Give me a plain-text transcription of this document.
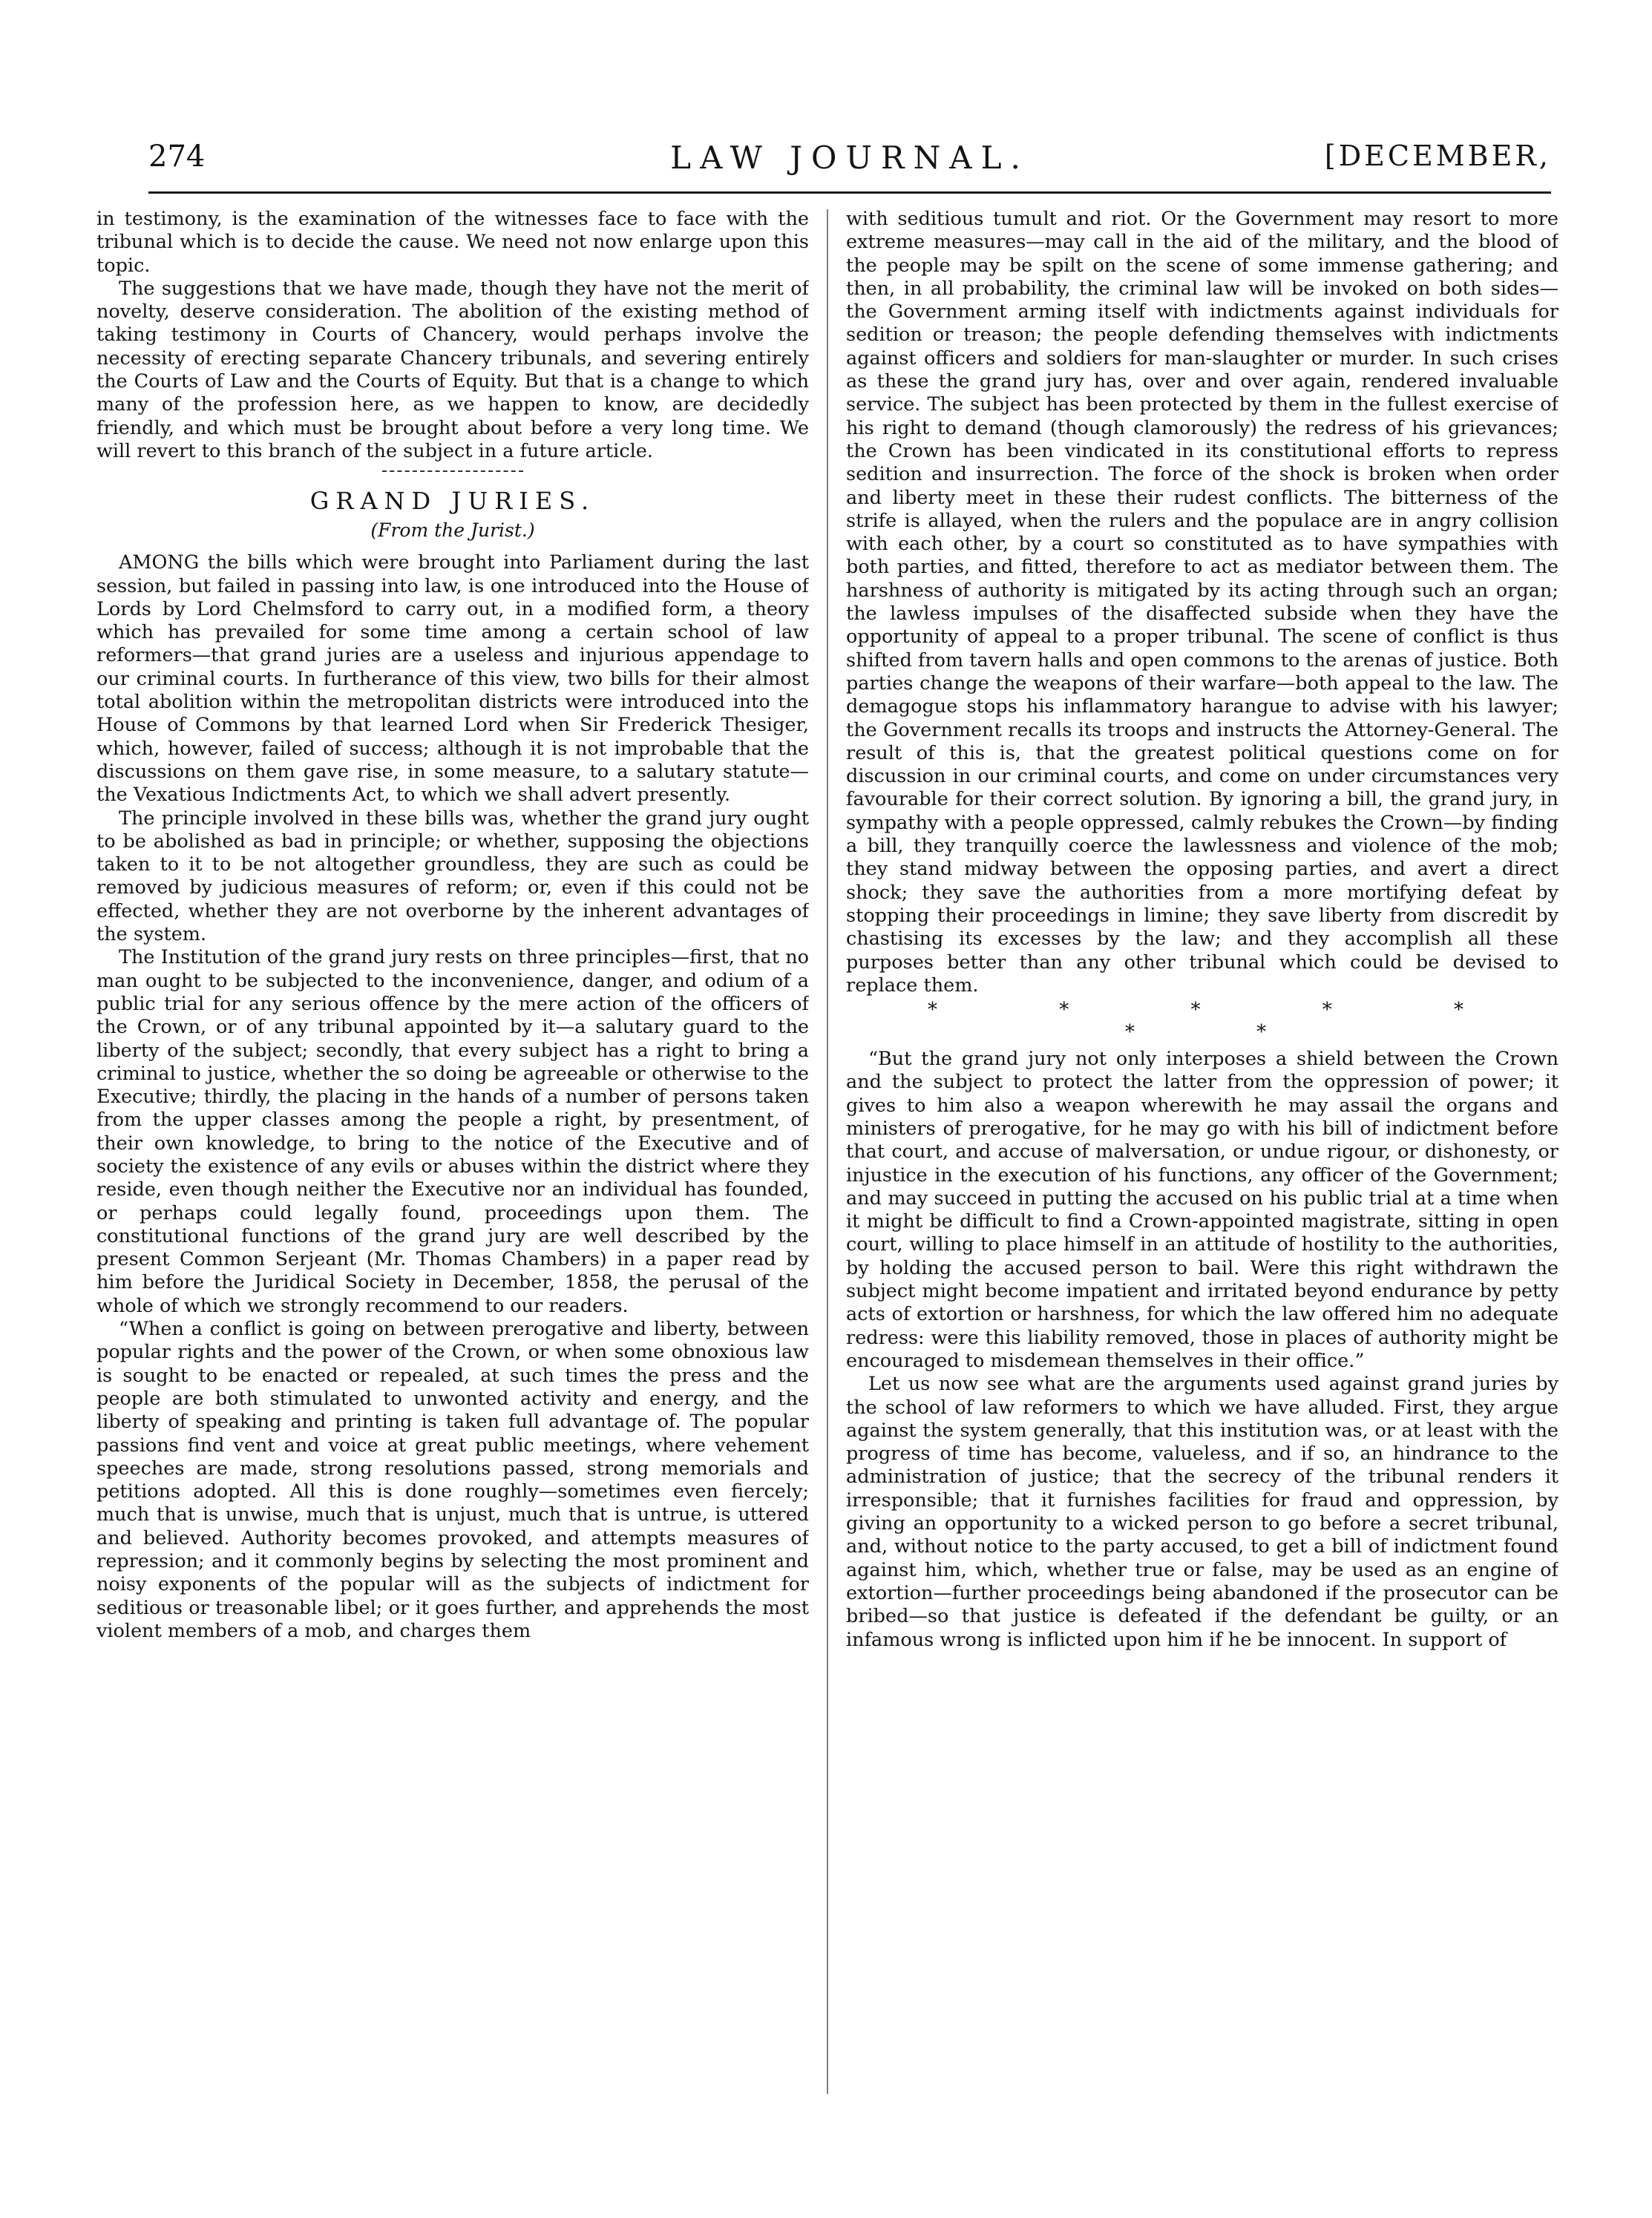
274	LAW JOURNAL.	[DECEMBER,

in testimony, is the examination of the witnesses face to face with the tribunal which is to decide the cause. We need not now enlarge upon this topic.

The suggestions that we have made, though they have not the merit of novelty, deserve consideration. The abolition of the existing method of taking testimony in Courts of Chancery, would perhaps involve the necessity of erecting separate Chancery tribunals, and severing entirely the Courts of Law and the Courts of Equity. But that is a change to which many of the profession here, as we happen to know, are decidedly friendly, and which must be brought about before a very long time. We will revert to this branch of the subject in a future article.

GRAND JURIES.
(From the Jurist.)

AMONG the bills which were brought into Parliament during the last session, but failed in passing into law, is one introduced into the House of Lords by Lord Chelmsford to carry out, in a modified form, a theory which has prevailed for some time among a certain school of law reformers—that grand juries are a useless and injurious appendage to our criminal courts. In furtherance of this view, two bills for their almost total abolition within the metropolitan districts were introduced into the House of Commons by that learned Lord when Sir Frederick Thesiger, which, however, failed of success; although it is not improbable that the discussions on them gave rise, in some measure, to a salutary statute—the Vexatious Indictments Act, to which we shall advert presently.

The principle involved in these bills was, whether the grand jury ought to be abolished as bad in principle; or whether, supposing the objections taken to it to be not altogether groundless, they are such as could be removed by judicious measures of reform; or, even if this could not be effected, whether they are not overborne by the inherent advantages of the system.

The Institution of the grand jury rests on three principles—first, that no man ought to be subjected to the inconvenience, danger, and odium of a public trial for any serious offence by the mere action of the officers of the Crown, or of any tribunal appointed by it—a salutary guard to the liberty of the subject; secondly, that every subject has a right to bring a criminal to justice, whether the so doing be agreeable or otherwise to the Executive; thirdly, the placing in the hands of a number of persons taken from the upper classes among the people a right, by presentment, of their own knowledge, to bring to the notice of the Executive and of society the existence of any evils or abuses within the district where they reside, even though neither the Executive nor an individual has founded, or perhaps could legally found, proceedings upon them. The constitutional functions of the grand jury are well described by the present Common Serjeant (Mr. Thomas Chambers) in a paper read by him before the Juridical Society in December, 1858, the perusal of the whole of which we strongly recommend to our readers.

“When a conflict is going on between prerogative and liberty, between popular rights and the power of the Crown, or when some obnoxious law is sought to be enacted or repealed, at such times the press and the people are both stimulated to unwonted activity and energy, and the liberty of speaking and printing is taken full advantage of. The popular passions find vent and voice at great public meetings, where vehement speeches are made, strong resolutions passed, strong memorials and petitions adopted. All this is done roughly—sometimes even fiercely; much that is unwise, much that is unjust, much that is untrue, is uttered and believed. Authority becomes provoked, and attempts measures of repression; and it commonly begins by selecting the most prominent and noisy exponents of the popular will as the subjects of indictment for seditious or treasonable libel; or it goes further, and apprehends the most violent members of a mob, and charges them

with seditious tumult and riot. Or the Government may resort to more extreme measures—may call in the aid of the military, and the blood of the people may be spilt on the scene of some immense gathering; and then, in all probability, the criminal law will be invoked on both sides—the Government arming itself with indictments against individuals for sedition or treason; the people defending themselves with indictments against officers and soldiers for man-slaughter or murder. In such crises as these the grand jury has, over and over again, rendered invaluable service. The subject has been protected by them in the fullest exercise of his right to demand (though clamorously) the redress of his grievances; the Crown has been vindicated in its constitutional efforts to repress sedition and insurrection. The force of the shock is broken when order and liberty meet in these their rudest conflicts. The bitterness of the strife is allayed, when the rulers and the populace are in angry collision with each other, by a court so constituted as to have sympathies with both parties, and fitted, therefore to act as mediator between them. The harshness of authority is mitigated by its acting through such an organ; the lawless impulses of the disaffected subside when they have the opportunity of appeal to a proper tribunal. The scene of conflict is thus shifted from tavern halls and open commons to the arenas of justice. Both parties change the weapons of their warfare—both appeal to the law. The demagogue stops his inflammatory harangue to advise with his lawyer; the Government recalls its troops and instructs the Attorney-General. The result of this is, that the greatest political questions come on for discussion in our criminal courts, and come on under circumstances very favourable for their correct solution. By ignoring a bill, the grand jury, in sympathy with a people oppressed, calmly rebukes the Crown—by finding a bill, they tranquilly coerce the lawlessness and violence of the mob; they stand midway between the opposing parties, and avert a direct shock; they save the authorities from a more mortifying defeat by stopping their proceedings in limine; they save liberty from discredit by chastising its excesses by the law; and they accomplish all these purposes better than any other tribunal which could be devised to replace them.

* * * * * * *

“But the grand jury not only interposes a shield between the Crown and the subject to protect the latter from the oppression of power; it gives to him also a weapon wherewith he may assail the organs and ministers of prerogative, for he may go with his bill of indictment before that court, and accuse of malversation, or undue rigour, or dishonesty, or injustice in the execution of his functions, any officer of the Government; and may succeed in putting the accused on his public trial at a time when it might be difficult to find a Crown-appointed magistrate, sitting in open court, willing to place himself in an attitude of hostility to the authorities, by holding the accused person to bail. Were this right withdrawn the subject might become impatient and irritated beyond endurance by petty acts of extortion or harshness, for which the law offered him no adequate redress: were this liability removed, those in places of authority might be encouraged to misdemean themselves in their office.”

Let us now see what are the arguments used against grand juries by the school of law reformers to which we have alluded. First, they argue against the system generally, that this institution was, or at least with the progress of time has become, valueless, and if so, an hindrance to the administration of justice; that the secrecy of the tribunal renders it irresponsible; that it furnishes facilities for fraud and oppression, by giving an opportunity to a wicked person to go before a secret tribunal, and, without notice to the party accused, to get a bill of indictment found against him, which, whether true or false, may be used as an engine of extortion—further proceedings being abandoned if the prosecutor can be bribed—so that justice is defeated if the defendant be guilty, or an infamous wrong is inflicted upon him if he be innocent. In support of
